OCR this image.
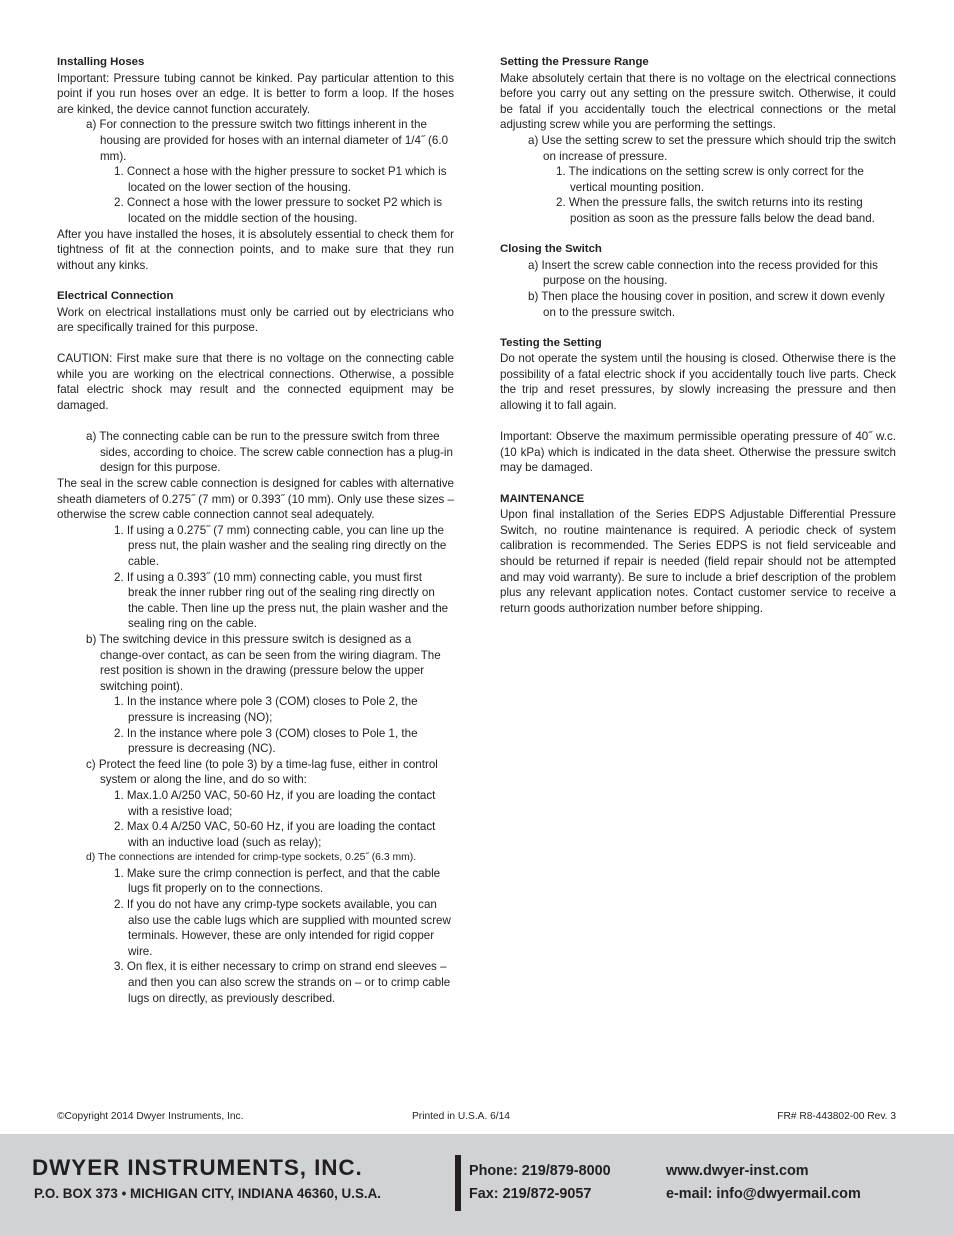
Installing Hoses

Important: Pressure tubing cannot be kinked. Pay particular attention to this point if you run hoses over an edge. It is better to form a loop. If the hoses are kinked, the device cannot function accurately.

a) For connection to the pressure switch two fittings inherent in the housing are provided for hoses with an internal diameter of 1/4˝ (6.0 mm).

1. Connect a hose with the higher pressure to socket P1 which is located on the lower section of the housing.

2. Connect a hose with the lower pressure to socket P2 which is located on the middle section of the housing.

After you have installed the hoses, it is absolutely essential to check them for tightness of fit at the connection points, and to make sure that they run without any kinks.

Electrical Connection

Work on electrical installations must only be carried out by electricians who are specifically trained for this purpose.

CAUTION: First make sure that there is no voltage on the connecting cable while you are working on the electrical connections. Otherwise, a possible fatal electric shock may result and the connected equipment may be damaged.

a) The connecting cable can be run to the pressure switch from three sides, according to choice. The screw cable connection has a plug-in design for this purpose.

The seal in the screw cable connection is designed for cables with alternative sheath diameters of 0.275˝ (7 mm) or 0.393˝ (10 mm). Only use these sizes – otherwise the screw cable connection cannot seal adequately.

1. If using a 0.275˝ (7 mm) connecting cable, you can line up the press nut, the plain washer and the sealing ring directly on the cable.

2. If using a 0.393˝ (10 mm) connecting cable, you must first break the inner rubber ring out of the sealing ring directly on the cable. Then line up the press nut, the plain washer and the sealing ring on the cable.

b) The switching device in this pressure switch is designed as a change-over contact, as can be seen from the wiring diagram. The rest position is shown in the drawing (pressure below the upper switching point).

1. In the instance where pole 3 (COM) closes to Pole 2, the pressure is increasing (NO);

2. In the instance where pole 3 (COM) closes to Pole 1, the pressure is decreasing (NC).

c) Protect the feed line (to pole 3) by a time-lag fuse, either in control system or along the line, and do so with:

1. Max.1.0 A/250 VAC, 50-60 Hz, if you are loading the contact with a resistive load;

2. Max 0.4 A/250 VAC, 50-60 Hz, if you are loading the contact with an inductive load (such as relay);

d) The connections are intended for crimp-type sockets, 0.25˝ (6.3 mm).

1. Make sure the crimp connection is perfect, and that the cable lugs fit properly on to the connections.

2. If you do not have any crimp-type sockets available, you can also use the cable lugs which are supplied with mounted screw terminals. However, these are only intended for rigid copper wire.

3. On flex, it is either necessary to crimp on strand end sleeves – and then you can also screw the strands on – or to crimp cable lugs on directly, as previously described.

Setting the Pressure Range

Make absolutely certain that there is no voltage on the electrical connections before you carry out any setting on the pressure switch. Otherwise, it could be fatal if you accidentally touch the electrical connections or the metal adjusting screw while you are performing the settings.

a) Use the setting screw to set the pressure which should trip the switch on increase of pressure.

1. The indications on the setting screw is only correct for the vertical mounting position.

2. When the pressure falls, the switch returns into its resting position as soon as the pressure falls below the dead band.

Closing the Switch

a) Insert the screw cable connection into the recess provided for this purpose on the housing.

b) Then place the housing cover in position, and screw it down evenly on to the pressure switch.

Testing the Setting

Do not operate the system until the housing is closed. Otherwise there is the possibility of a fatal electric shock if you accidentally touch live parts. Check the trip and reset pressures, by slowly increasing the pressure and then allowing it to fall again.

Important: Observe the maximum permissible operating pressure of 40˝ w.c. (10 kPa) which is indicated in the data sheet. Otherwise the pressure switch may be damaged.

MAINTENANCE

Upon final installation of the Series EDPS Adjustable Differential Pressure Switch, no routine maintenance is required. A periodic check of system calibration is recommended. The Series EDPS is not field serviceable and should be returned if repair is needed (field repair should not be attempted and may void warranty). Be sure to include a brief description of the problem plus any relevant application notes. Contact customer service to receive a return goods authorization number before shipping.

©Copyright 2014 Dwyer Instruments, Inc.	Printed in U.S.A. 6/14	FR# R8-443802-00 Rev. 3
DWYER INSTRUMENTS, INC.
P.O. BOX 373 • MICHIGAN CITY, INDIANA 46360, U.S.A.
Phone: 219/879-8000
Fax: 219/872-9057
www.dwyer-inst.com
e-mail: info@dwyermail.com
